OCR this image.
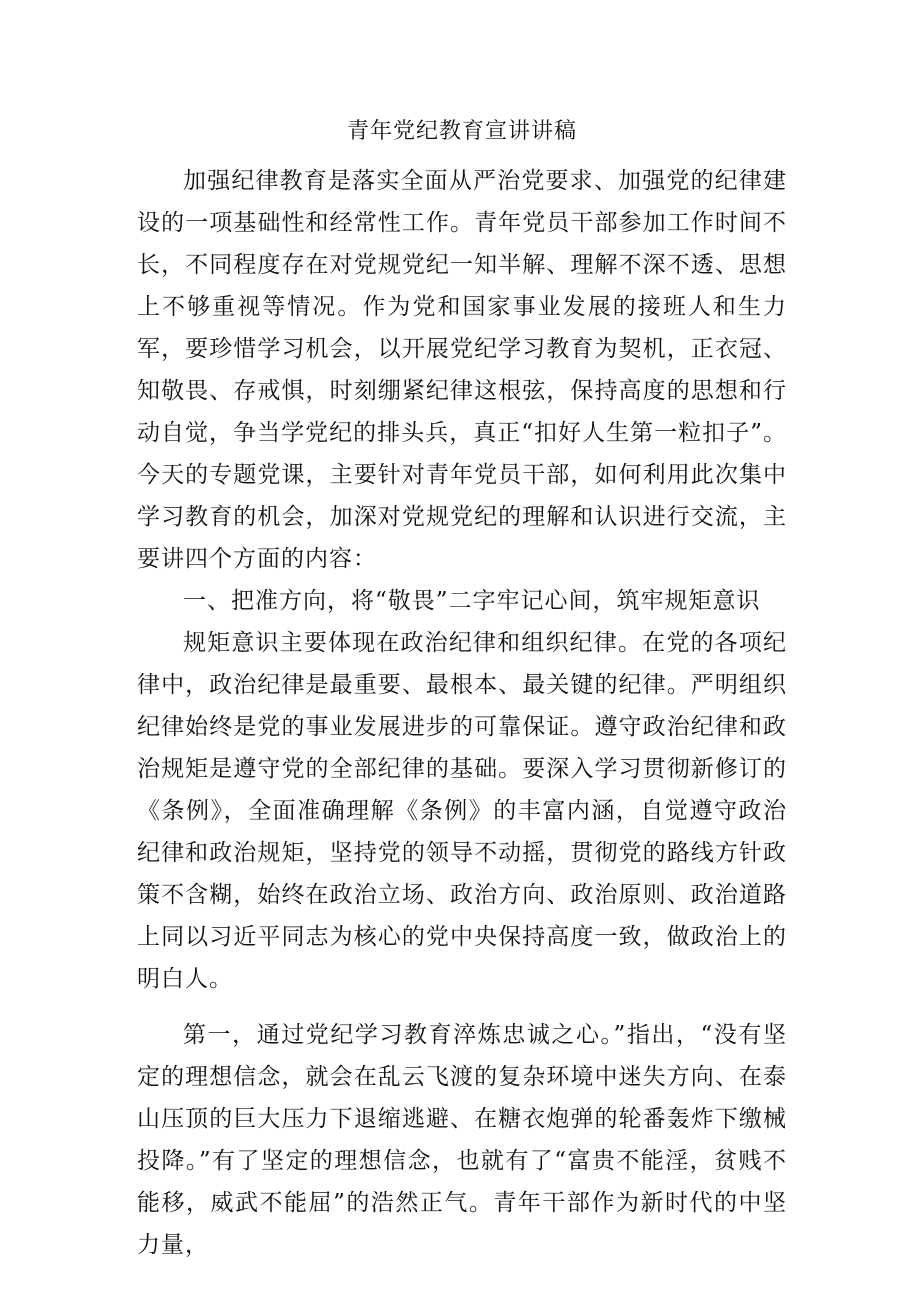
青年党纪教育宣讲讲稿

加强纪律教育是落实全面从严治党要求、加强党的纪律建设的一项基础性和经常性工作。青年党员干部参加工作时间不长，不同程度存在对党规党纪一知半解、理解不深不透、思想上不够重视等情况。作为党和国家事业发展的接班人和生力军，要珍惜学习机会，以开展党纪学习教育为契机，正衣冠、知敬畏、存戒惧，时刻绷紧纪律这根弦，保持高度的思想和行动自觉，争当学党纪的排头兵，真正“扣好人生第一粒扣子”。今天的专题党课，主要针对青年党员干部，如何利用此次集中学习教育的机会，加深对党规党纪的理解和认识进行交流，主要讲四个方面的内容：

一、把准方向，将“敬畏”二字牢记心间，筑牢规矩意识

规矩意识主要体现在政治纪律和组织纪律。在党的各项纪律中，政治纪律是最重要、最根本、最关键的纪律。严明组织纪律始终是党的事业发展进步的可靠保证。遵守政治纪律和政治规矩是遵守党的全部纪律的基础。要深入学习贯彻新修订的《条例》，全面准确理解《条例》的丰富内涵，自觉遵守政治纪律和政治规矩，坚持党的领导不动摇，贯彻党的路线方针政策不含糊，始终在政治立场、政治方向、政治原则、政治道路上同以习近平同志为核心的党中央保持高度一致，做政治上的明白人。

第一，通过党纪学习教育淬炼忠诚之心。”指出，“没有坚定的理想信念，就会在乱云飞渡的复杂环境中迷失方向、在泰山压顶的巨大压力下退缩逃避、在糖衣炮弹的轮番轰炸下缴械投降。”有了坚定的理想信念，也就有了“富贵不能淫，贫贱不能移，威武不能屈”的浩然正气。青年干部作为新时代的中坚力量，
